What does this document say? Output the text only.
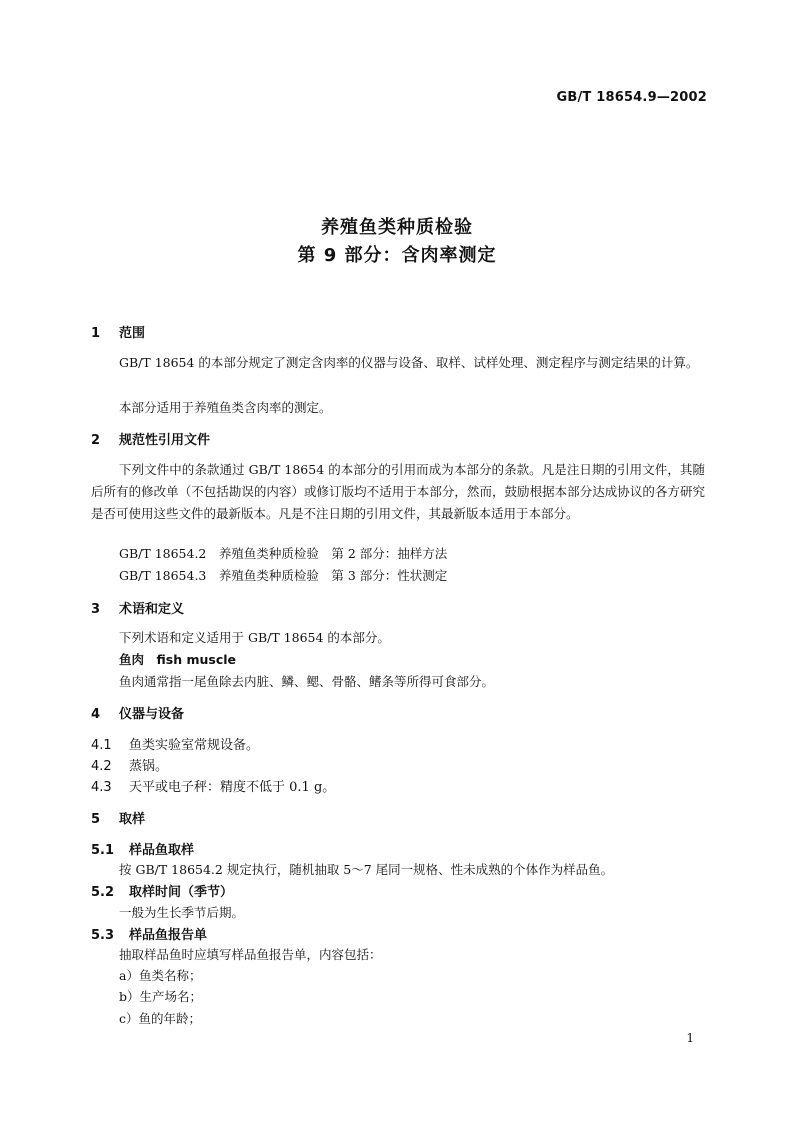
GB/T 18654.9—2002
养殖鱼类种质检验
第 9 部分：含肉率测定
1 范围
GB/T 18654 的本部分规定了测定含肉率的仪器与设备、取样、试样处理、测定程序与测定结果的计算。
本部分适用于养殖鱼类含肉率的测定。
2 规范性引用文件
下列文件中的条款通过 GB/T 18654 的本部分的引用而成为本部分的条款。凡是注日期的引用文件，其随后所有的修改单（不包括勘误的内容）或修订版均不适用于本部分，然而，鼓励根据本部分达成协议的各方研究是否可使用这些文件的最新版本。凡是不注日期的引用文件，其最新版本适用于本部分。
GB/T 18654.2　养殖鱼类种质检验　第 2 部分：抽样方法
GB/T 18654.3　养殖鱼类种质检验　第 3 部分：性状测定
3 术语和定义
下列术语和定义适用于 GB/T 18654 的本部分。
鱼肉　fish muscle
鱼肉通常指一尾鱼除去内脏、鳞、鳃、骨骼、鳍条等所得可食部分。
4 仪器与设备
4.1 鱼类实验室常规设备。
4.2 蒸锅。
4.3 天平或电子秤：精度不低于 0.1 g。
5 取样
5.1 样品鱼取样
按 GB/T 18654.2 规定执行，随机抽取 5～7 尾同一规格、性未成熟的个体作为样品鱼。
5.2 取样时间（季节）
一般为生长季节后期。
5.3 样品鱼报告单
抽取样品鱼时应填写样品鱼报告单，内容包括：
a）鱼类名称；
b）生产场名；
c）鱼的年龄；
1
